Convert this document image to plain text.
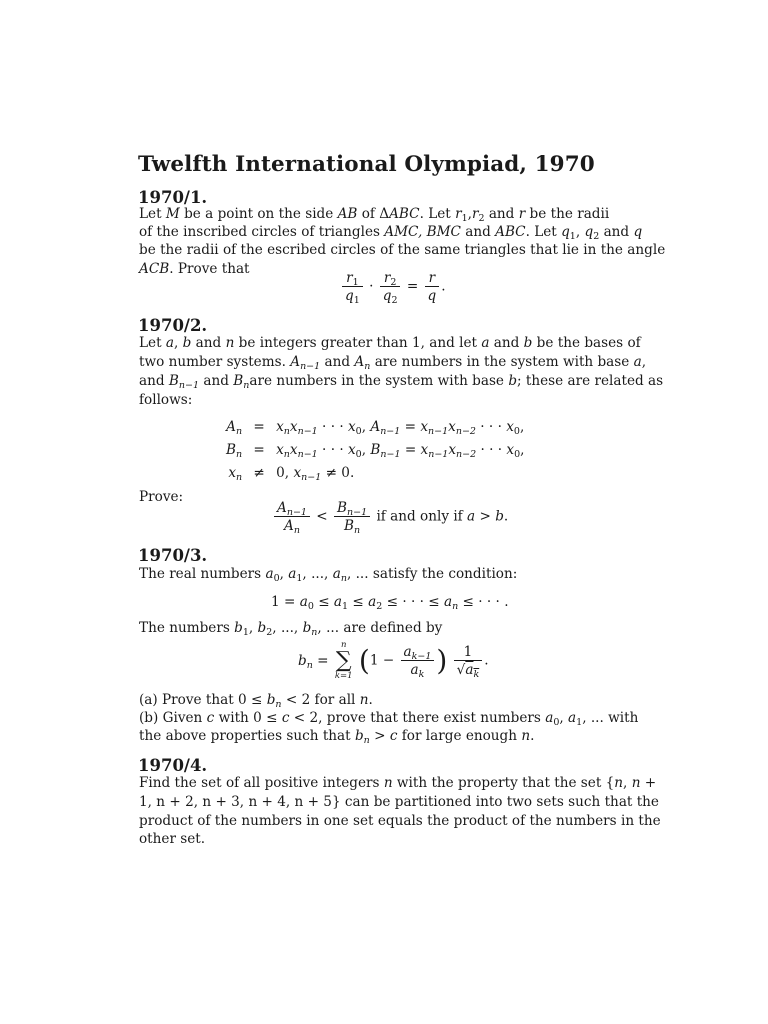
Twelfth International Olympiad, 1970
1970/1.
Let M be a point on the side AB of ΔABC. Let $r_1,r_2$ and r be the radii
of the inscribed circles of triangles AMC, BMC and ABC. Let $q_1$, $q_2$ and q
be the radii of the escribed circles of the same triangles that lie in the angle
ACB. Prove that
$\frac{r_1}{q_1} \cdot \frac{r_2}{q_2} = \frac{r}{q}$ .
1970/2.
Let a, b and n be integers greater than 1, and let a and b be the bases of
two number systems. $A_{n-1}$ and $A_n$ are numbers in the system with base a,
and $B_{n-1}$ and $B_nare$ numbers in the system with base b; these are related as
follows:
$A_n$	=	$x_nx_{n-1}$ · · · $x_0$, $A_{n-1} = x_{n-1}x_{n-2}$ · · · $x_0$,
$B_n$	=	$x_nx_{n-1}$ · · · $x_0$, $B_{n-1} = x_{n-1}x_{n-2}$ · · · $x_0$,
$x_n$	≠	0, $x_{n-1} \ne 0$.
Prove:
$\frac{A_{n-1}}{A_n} < \frac{B_{n-1}}{B_n}$ if and only if a > b.
1970/3.
The real numbers $a_0$, $a_1$, ..., $a_n$, ... satisfy the condition:
$1 = a_0 \le a_1 \le a_2$ ≤ · · · ≤ $a_n$ ≤ · · · .
The numbers $b_1$, $b_2$, ..., $b_n$, ... are defined by
$b_n$ =
n
∑
k=1 ($1 - \frac{a_{k-1}}{a_k}$ ) $\frac{1}{√a_k}$ .
(a) Prove that $0 \le b_n < 2$ for all n.
(b) Given c with 0 ≤ c < 2, prove that there exist numbers $a_0$, $a_1$, ... with
the above properties such that $b_n > c$ for large enough n.
1970/4.
Find the set of all positive integers n with the property that the set {n, n +
1, n + 2, n + 3, n + 4, n + 5} can be partitioned into two sets such that the
product of the numbers in one set equals the product of the numbers in the
other set.
